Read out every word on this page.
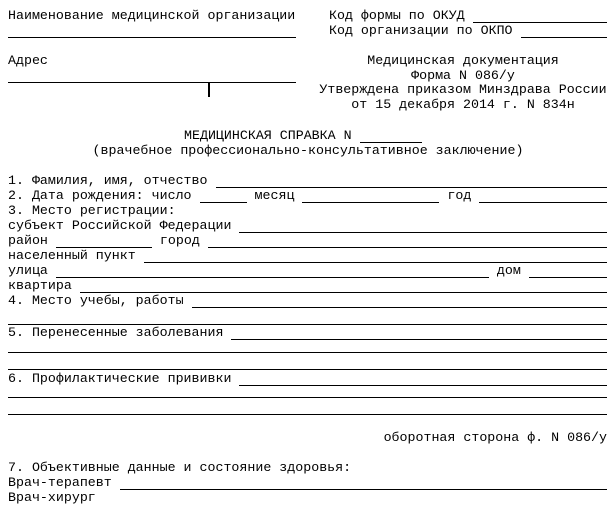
Наименование медицинской организации
Адрес
Код формы по ОКУД
Код организации по ОКПО
Медицинская документация
Форма N 086/у
Утверждена приказом Минздрава России
от 15 декабря 2014 г. N 834н
МЕДИЦИНСКАЯ СПРАВКА N
(врачебное профессионально-консультативное заключение)
1. Фамилия, имя, отчество
2. Дата рождения: число	месяц	год
3. Место регистрации:
субъект Российской Федерации
район	город
населенный пункт
улица	дом
квартира
4. Место учебы, работы
5. Перенесенные заболевания
6. Профилактические прививки
оборотная сторона ф. N 086/у
7. Объективные данные и состояние здоровья:
Врач-терапевт
Врач-хирург
